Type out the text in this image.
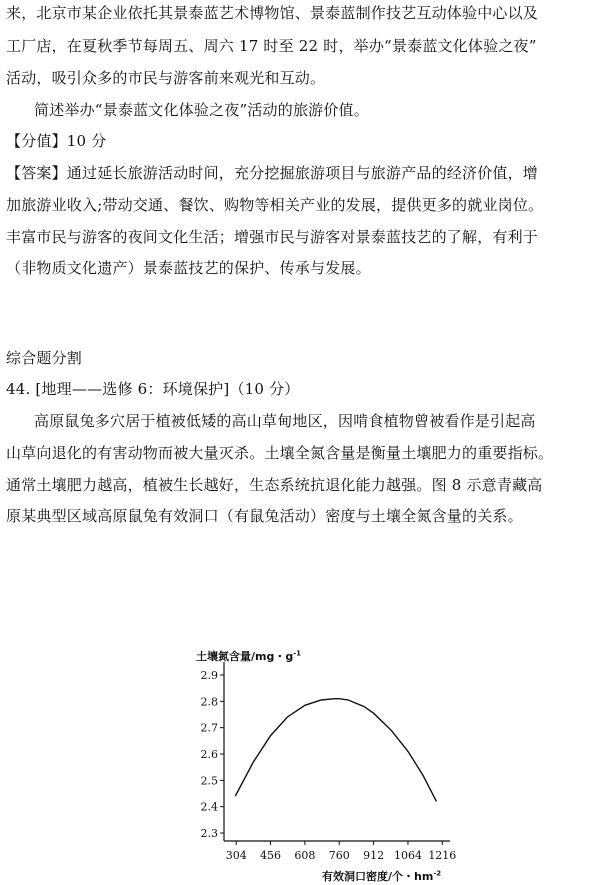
来，北京市某企业依托其景泰蓝艺术博物馆、景泰蓝制作技艺互动体验中心以及
工厂店，在夏秋季节每周五、周六 17 时至 22 时，举办“景泰蓝文化体验之夜”
活动，吸引众多的市民与游客前来观光和互动。
简述举办“景泰蓝文化体验之夜”活动的旅游价值。
【分值】10 分
【答案】通过延长旅游活动时间，充分挖掘旅游项目与旅游产品的经济价值，增
加旅游业收入;带动交通、餐饮、购物等相关产业的发展，提供更多的就业岗位。
丰富市民与游客的夜间文化生活；增强市民与游客对景泰蓝技艺的了解，有利于
（非物质文化遗产）景泰蓝技艺的保护、传承与发展。
综合题分割
44. [地理——选修 6：环境保护]（10 分）
高原鼠兔多穴居于植被低矮的高山草甸地区，因啃食植物曾被看作是引起高
山草向退化的有害动物而被大量灭杀。土壤全氮含量是衡量土壤肥力的重要指标。
通常土壤肥力越高，植被生长越好，生态系统抗退化能力越强。图 8 示意青藏高
原某典型区域高原鼠兔有效洞口（有鼠兔活动）密度与土壤全氮含量的关系。
土壤氮含量/mg・$g^{-1}$
2.3
2.4
2.5
2.6
2.7
2.8
2.9
304 456 608 760 912 1064 1216
有效洞口密度/个・$hm^{-2}$
